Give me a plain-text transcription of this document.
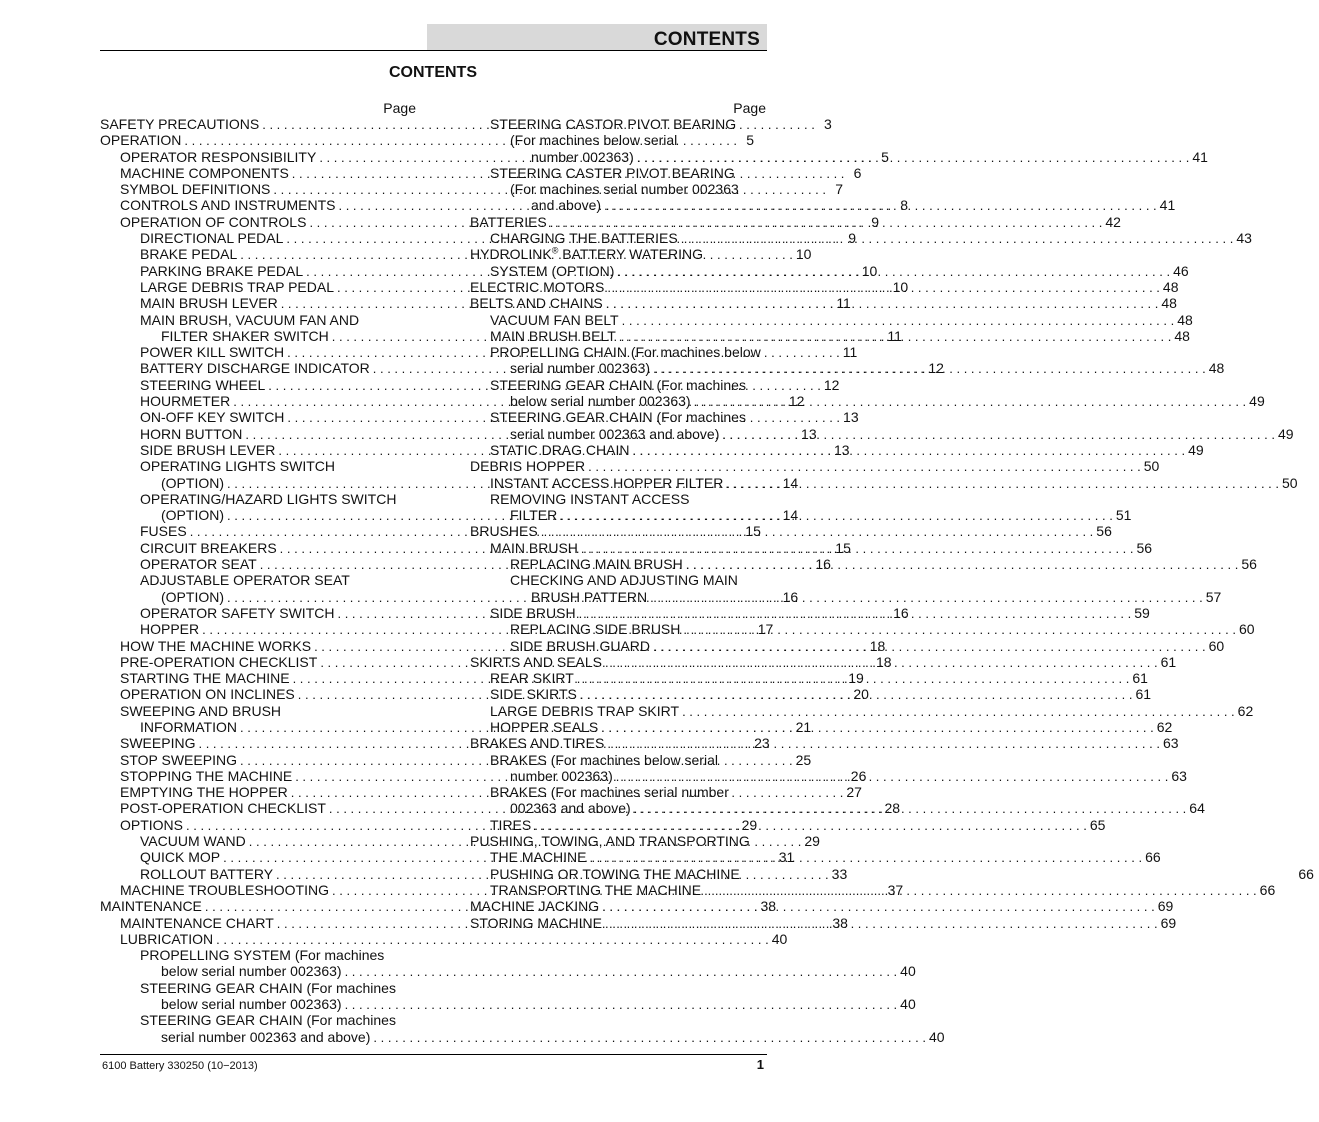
CONTENTS
CONTENTS
Page
SAFETY PRECAUTIONS . . .	3
OPERATION . . .	5
OPERATOR RESPONSIBILITY . . .	5
MACHINE COMPONENTS . . .	6
SYMBOL DEFINITIONS . . .	7
CONTROLS AND INSTRUMENTS . . .	8
OPERATION OF CONTROLS . . .	9
DIRECTIONAL PEDAL . . .	9
BRAKE PEDAL . . .	10
PARKING BRAKE PEDAL . . .	10
LARGE DEBRIS TRAP PEDAL . . .	10
MAIN BRUSH LEVER . . .	11
MAIN BRUSH, VACUUM FAN AND
FILTER SHAKER SWITCH . . .	11
POWER KILL SWITCH . . .	11
BATTERY DISCHARGE INDICATOR . . .	12
STEERING WHEEL . . .	12
HOURMETER . . .	12
ON-OFF KEY SWITCH . . .	13
HORN BUTTON . . .	13
SIDE BRUSH LEVER . . .	13
OPERATING LIGHTS SWITCH
(OPTION) . . .	14
OPERATING/HAZARD LIGHTS SWITCH
(OPTION) . . .	14
FUSES . . .	15
CIRCUIT BREAKERS . . .	15
OPERATOR SEAT . . .	16
ADJUSTABLE OPERATOR SEAT
(OPTION) . . .	16
OPERATOR SAFETY SWITCH . . .	16
HOPPER . . .	17
HOW THE MACHINE WORKS . . .	18
PRE-OPERATION CHECKLIST . . .	18
STARTING THE MACHINE . . .	19
OPERATION ON INCLINES . . .	20
SWEEPING AND BRUSH
INFORMATION . . .	21
SWEEPING . . .	23
STOP SWEEPING . . .	25
STOPPING THE MACHINE . . .	26
EMPTYING THE HOPPER . . .	27
POST-OPERATION CHECKLIST . . .	28
OPTIONS . . .	29
VACUUM WAND . . .	29
QUICK MOP . . .	31
ROLLOUT BATTERY . . .	33
MACHINE TROUBLESHOOTING . . .	37
MAINTENANCE . . .	38
MAINTENANCE CHART . . .	38
LUBRICATION . . .	40
PROPELLING SYSTEM (For machines
below serial number 002363) . . .	40
STEERING GEAR CHAIN (For machines
below serial number 002363) . . .	40
STEERING GEAR CHAIN (For machines
serial number 002363 and above) . . .	40
Page
STEERING CASTOR PIVOT BEARING
(For machines below serial
number 002363) . . .	41
STEERING CASTER PIVOT BEARING
(For machines serial number 002363
and above) . . .	41
BATTERIES . . .	42
CHARGING THE BATTERIES . . .	43
HYDROLINK® BATTERY WATERING
SYSTEM (OPTION) . . .	46
ELECTRIC MOTORS . . .	48
BELTS AND CHAINS . . .	48
VACUUM FAN BELT . . .	48
MAIN BRUSH BELT . . .	48
PROPELLING CHAIN (For machines below
serial number 002363) . . .	48
STEERING GEAR CHAIN (For machines
below serial number 002363) . . .	49
STEERING GEAR CHAIN (For machines
serial number 002363 and above) . . .	49
STATIC DRAG CHAIN . . .	49
DEBRIS HOPPER . . .	50
INSTANT ACCESS HOPPER FILTER . . .	50
REMOVING INSTANT ACCESS
FILTER . . .	51
BRUSHES . . .	56
MAIN BRUSH . . .	56
REPLACING MAIN BRUSH . . .	56
CHECKING AND ADJUSTING MAIN
BRUSH PATTERN . . .	57
SIDE BRUSH . . .	59
REPLACING SIDE BRUSH . . .	60
SIDE BRUSH GUARD . . .	60
SKIRTS AND SEALS . . .	61
REAR SKIRT . . .	61
SIDE SKIRTS . . .	61
LARGE DEBRIS TRAP SKIRT . . .	62
HOPPER SEALS . . .	62
BRAKES AND TIRES . . .	63
BRAKES (For machines below serial
number 002363) . . .	63
BRAKES (For machines serial number
002363 and above) . . .	64
TIRES . . .	65
PUSHING, TOWING, AND TRANSPORTING
THE MACHINE . . .	66
PUSHING OR TOWING THE MACHINE	66
TRANSPORTING THE MACHINE . . .	66
MACHINE JACKING . . .	69
STORING MACHINE . . .	69
6100 Battery 330250 (10−2013)	1
